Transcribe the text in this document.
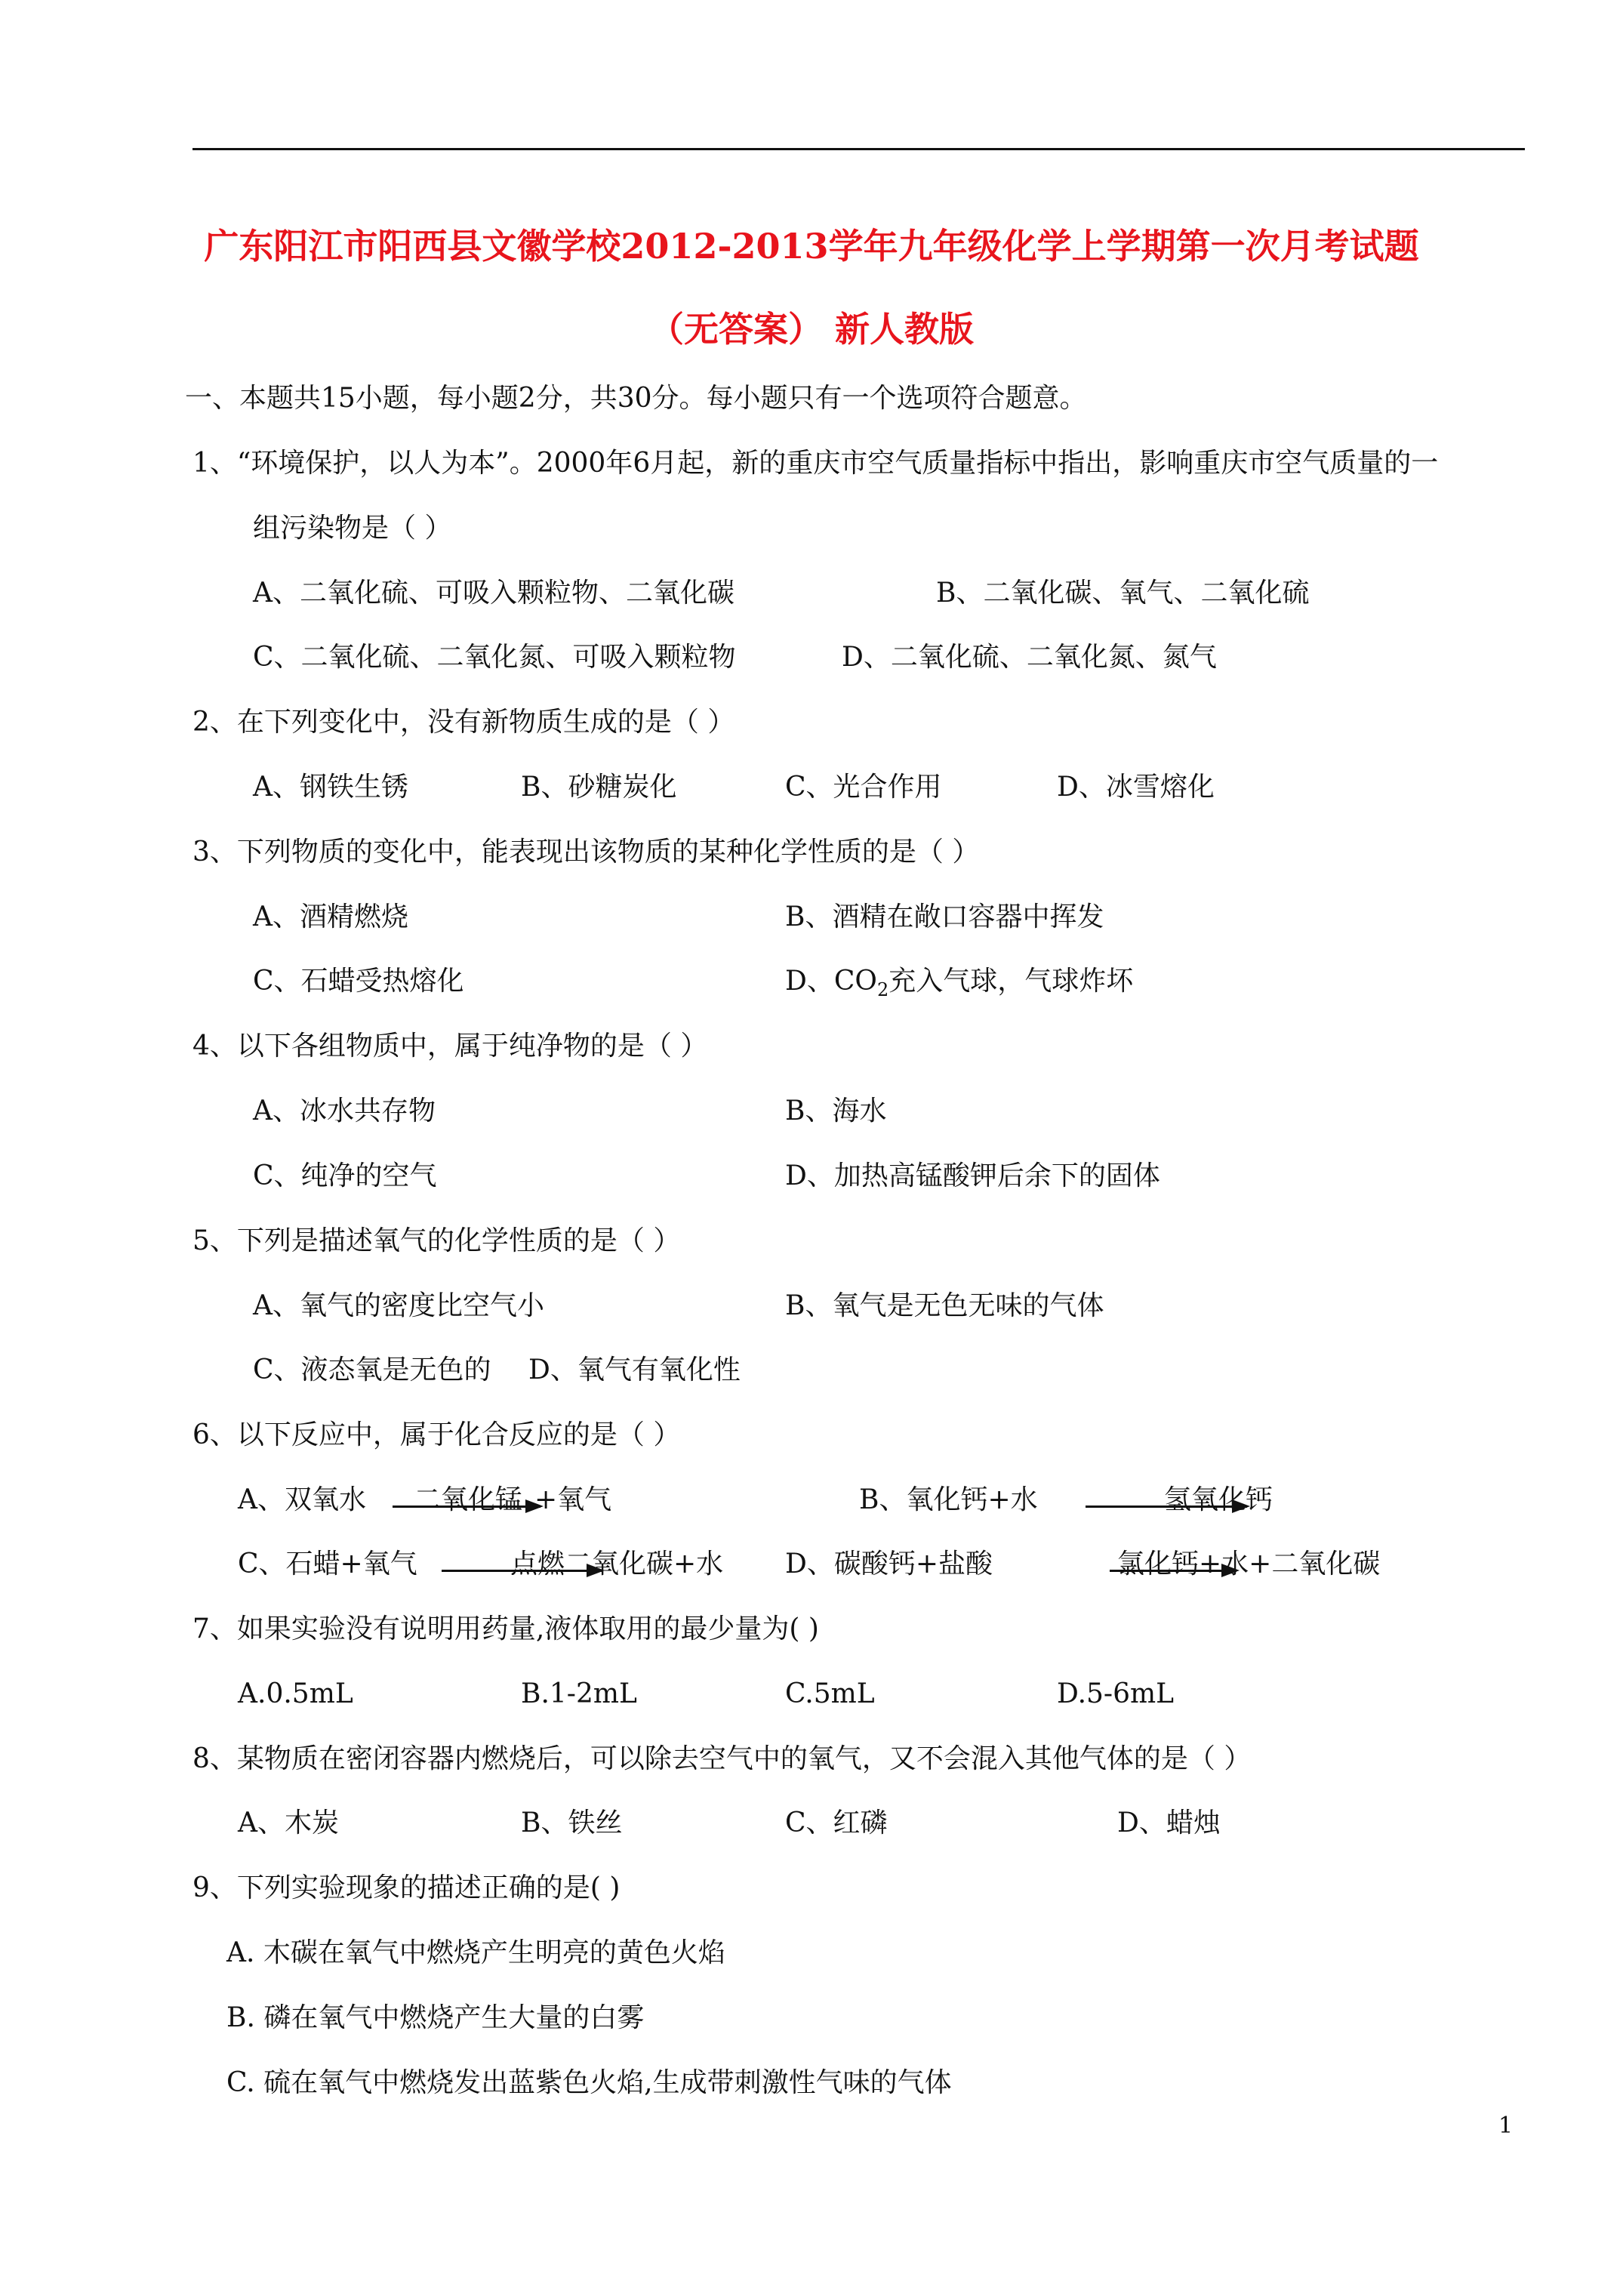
广东阳江市阳西县文徽学校2012-2013学年九年级化学上学期第一次月考试题
（无答案） 新人教版
一、本题共15小题，每小题2分，共30分。每小题只有一个选项符合题意。
1、“环境保护，以人为本”。2000年6月起，新的重庆市空气质量指标中指出，影响重庆市空气质量的一
组污染物是（ ）
A、二氧化硫、可吸入颗粒物、二氧化碳	B、二氧化碳、氧气、二氧化硫
C、二氧化硫、二氧化氮、可吸入颗粒物	D、二氧化硫、二氧化氮、氮气
2、在下列变化中，没有新物质生成的是（ ）
A、钢铁生锈	B、砂糖炭化	C、光合作用	D、冰雪熔化
3、下列物质的变化中，能表现出该物质的某种化学性质的是（ ）
A、酒精燃烧	B、酒精在敞口容器中挥发
C、石蜡受热熔化	D、$CO_2$充入气球，气球炸坏
4、以下各组物质中，属于纯净物的是（ ）
A、冰水共存物	B、海水
C、纯净的空气	D、加热高锰酸钾后余下的固体
5、下列是描述氧气的化学性质的是（ ）
A、氧气的密度比空气小	B、氧气是无色无味的气体
C、液态氧是无色的 D、氧气有氧化性
6、以下反应中，属于化合反应的是（ ）
A、双氧水 二氧化锰 +氧气	B、氧化钙+水	氢氧化钙
C、石蜡+氧气	点燃 二氧化碳+水 D、碳酸钙+盐酸	氯化钙+水+二氧化碳
7、如果实验没有说明用药量,液体取用的最少量为( )
A.0.5mL	B.1-2mL	C.5mL	D.5-6mL
8、某物质在密闭容器内燃烧后，可以除去空气中的氧气，又不会混入其他气体的是（ ）
A、木炭	B、铁丝	C、红磷	D、蜡烛
9、下列实验现象的描述正确的是( )
A. 木碳在氧气中燃烧产生明亮的黄色火焰
B. 磷在氧气中燃烧产生大量的白雾
C. 硫在氧气中燃烧发出蓝紫色火焰,生成带刺激性气味的气体
1
